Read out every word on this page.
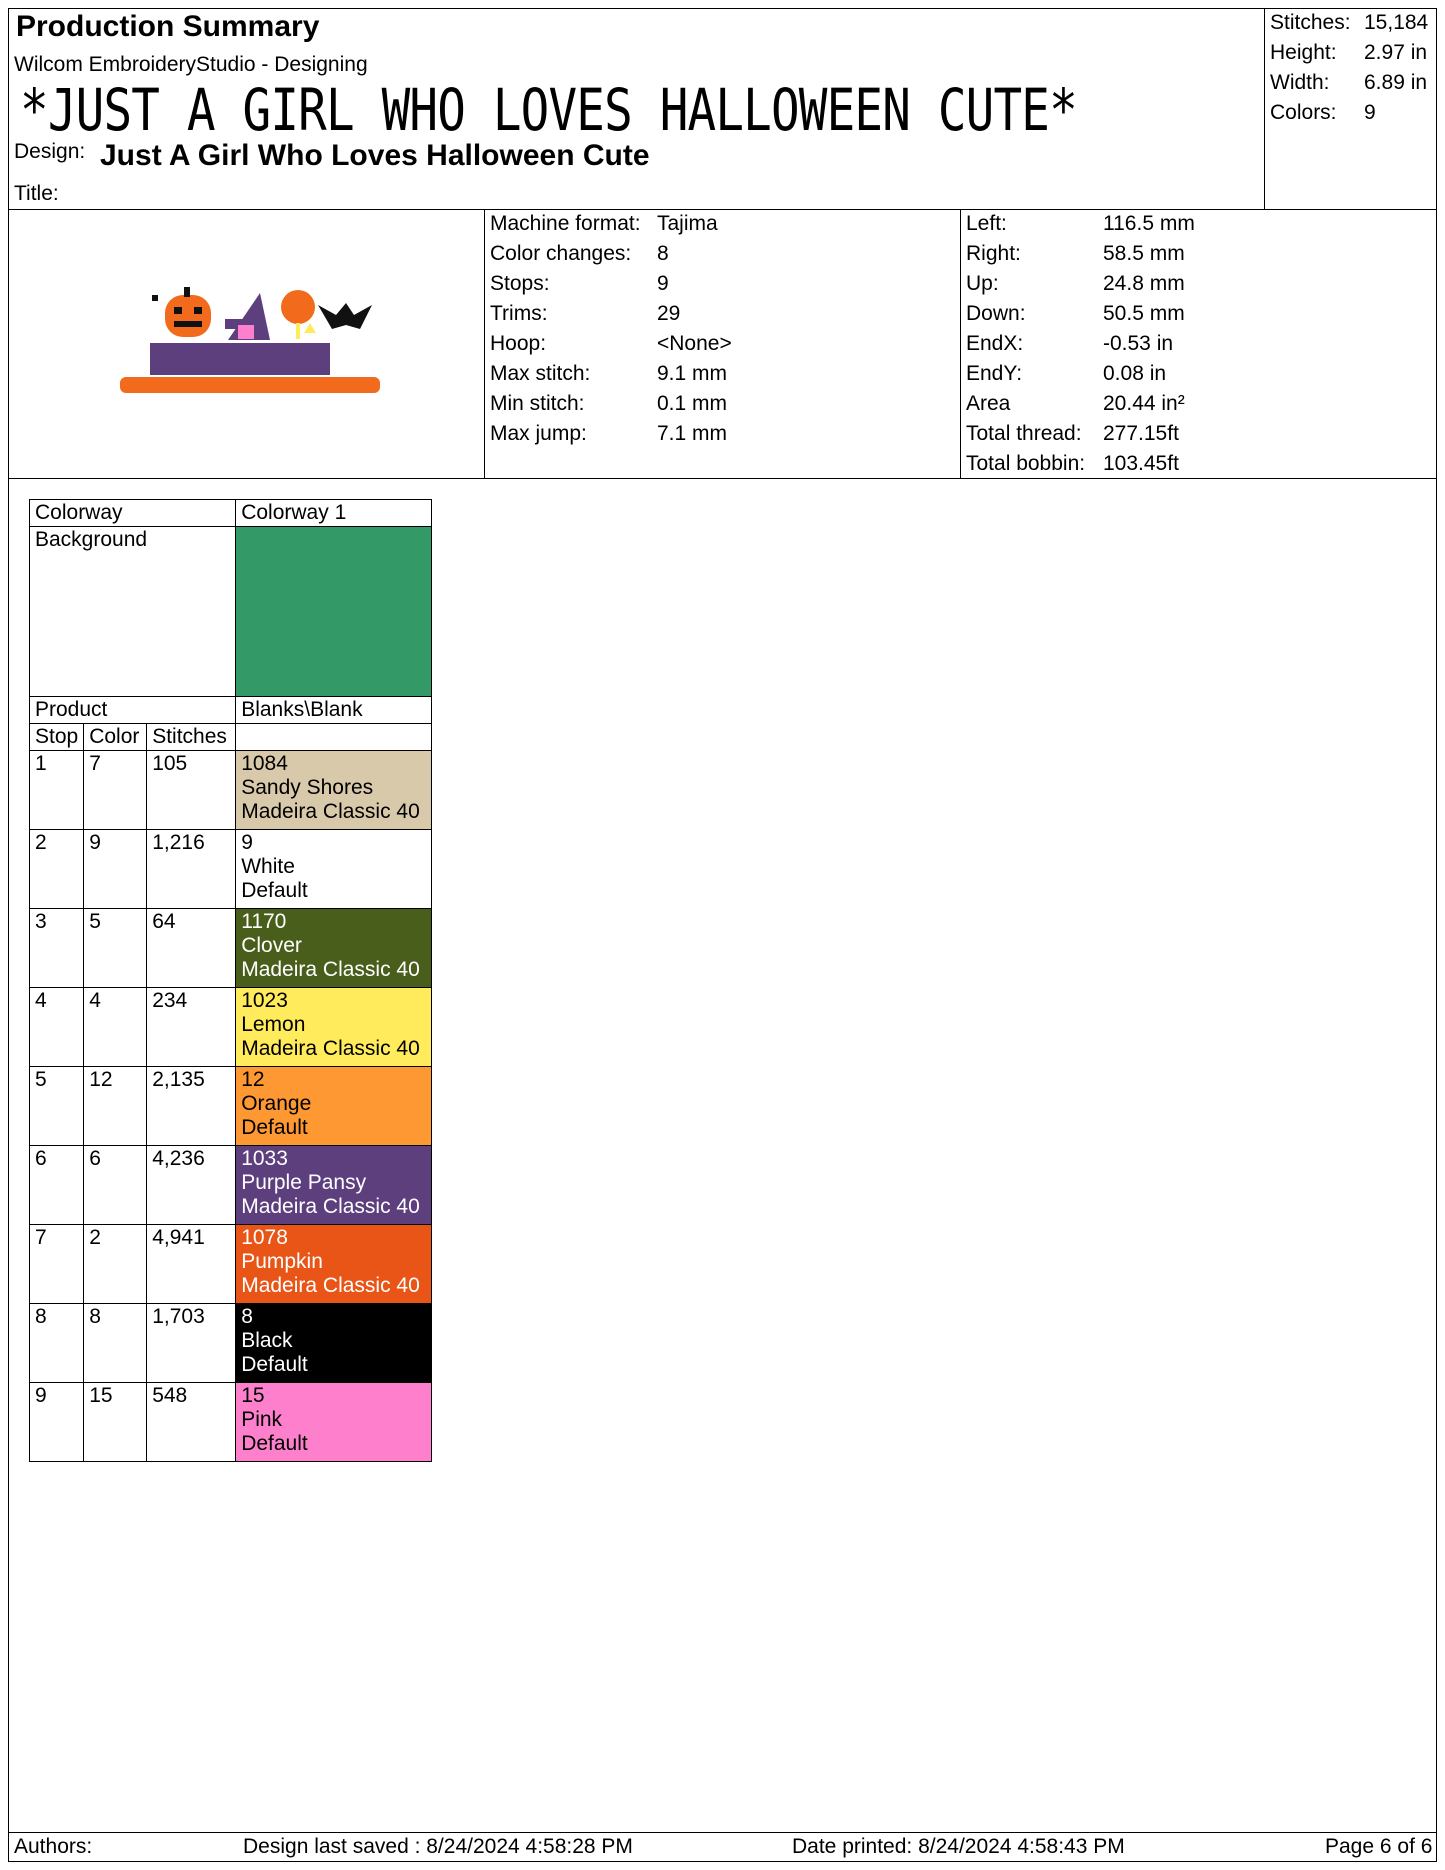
Production Summary
Wilcom EmbroideryStudio - Designing
*JUST A GIRL WHO LOVES HALLOWEEN CUTE*
Design: Just A Girl Who Loves Halloween Cute
Title:
Stitches: 15,184
Height: 2.97 in
Width: 6.89 in
Colors: 9
Machine format: Tajima
Color changes: 8
Stops:	9
Trims:	29
Hoop:	<None>
Max stitch:	9.1 mm
Min stitch:	0.1 mm
Max jump:	7.1 mm
Left:	116.5 mm
Right:	58.5 mm
Up:	24.8 mm
Down:	50.5 mm
EndX:	-0.53 in
EndY:	0.08 in
Area	20.44 in²
Total thread: 277.15ft
Total bobbin: 103.45ft
Colorway			Colorway 1
Background			
Product			Blanks\Blank
Stop	Color	Stitches	
1	7	105	1084
Sandy Shores
Madeira Classic 40

2	9	1,216	9
White
Default

3	5	64	1170
Clover
Madeira Classic 40

4	4	234	1023
Lemon
Madeira Classic 40

5	12	2,135	12
Orange
Default

6	6	4,236	1033
Purple Pansy
Madeira Classic 40

7	2	4,941	1078
Pumpkin
Madeira Classic 40

8	8	1,703	8
Black
Default

9	15	548	15
Pink
Default
Authors:	Design last saved : 8/24/2024 4:58:28 PM	Date printed: 8/24/2024 4:58:43 PM	Page 6 of 6
